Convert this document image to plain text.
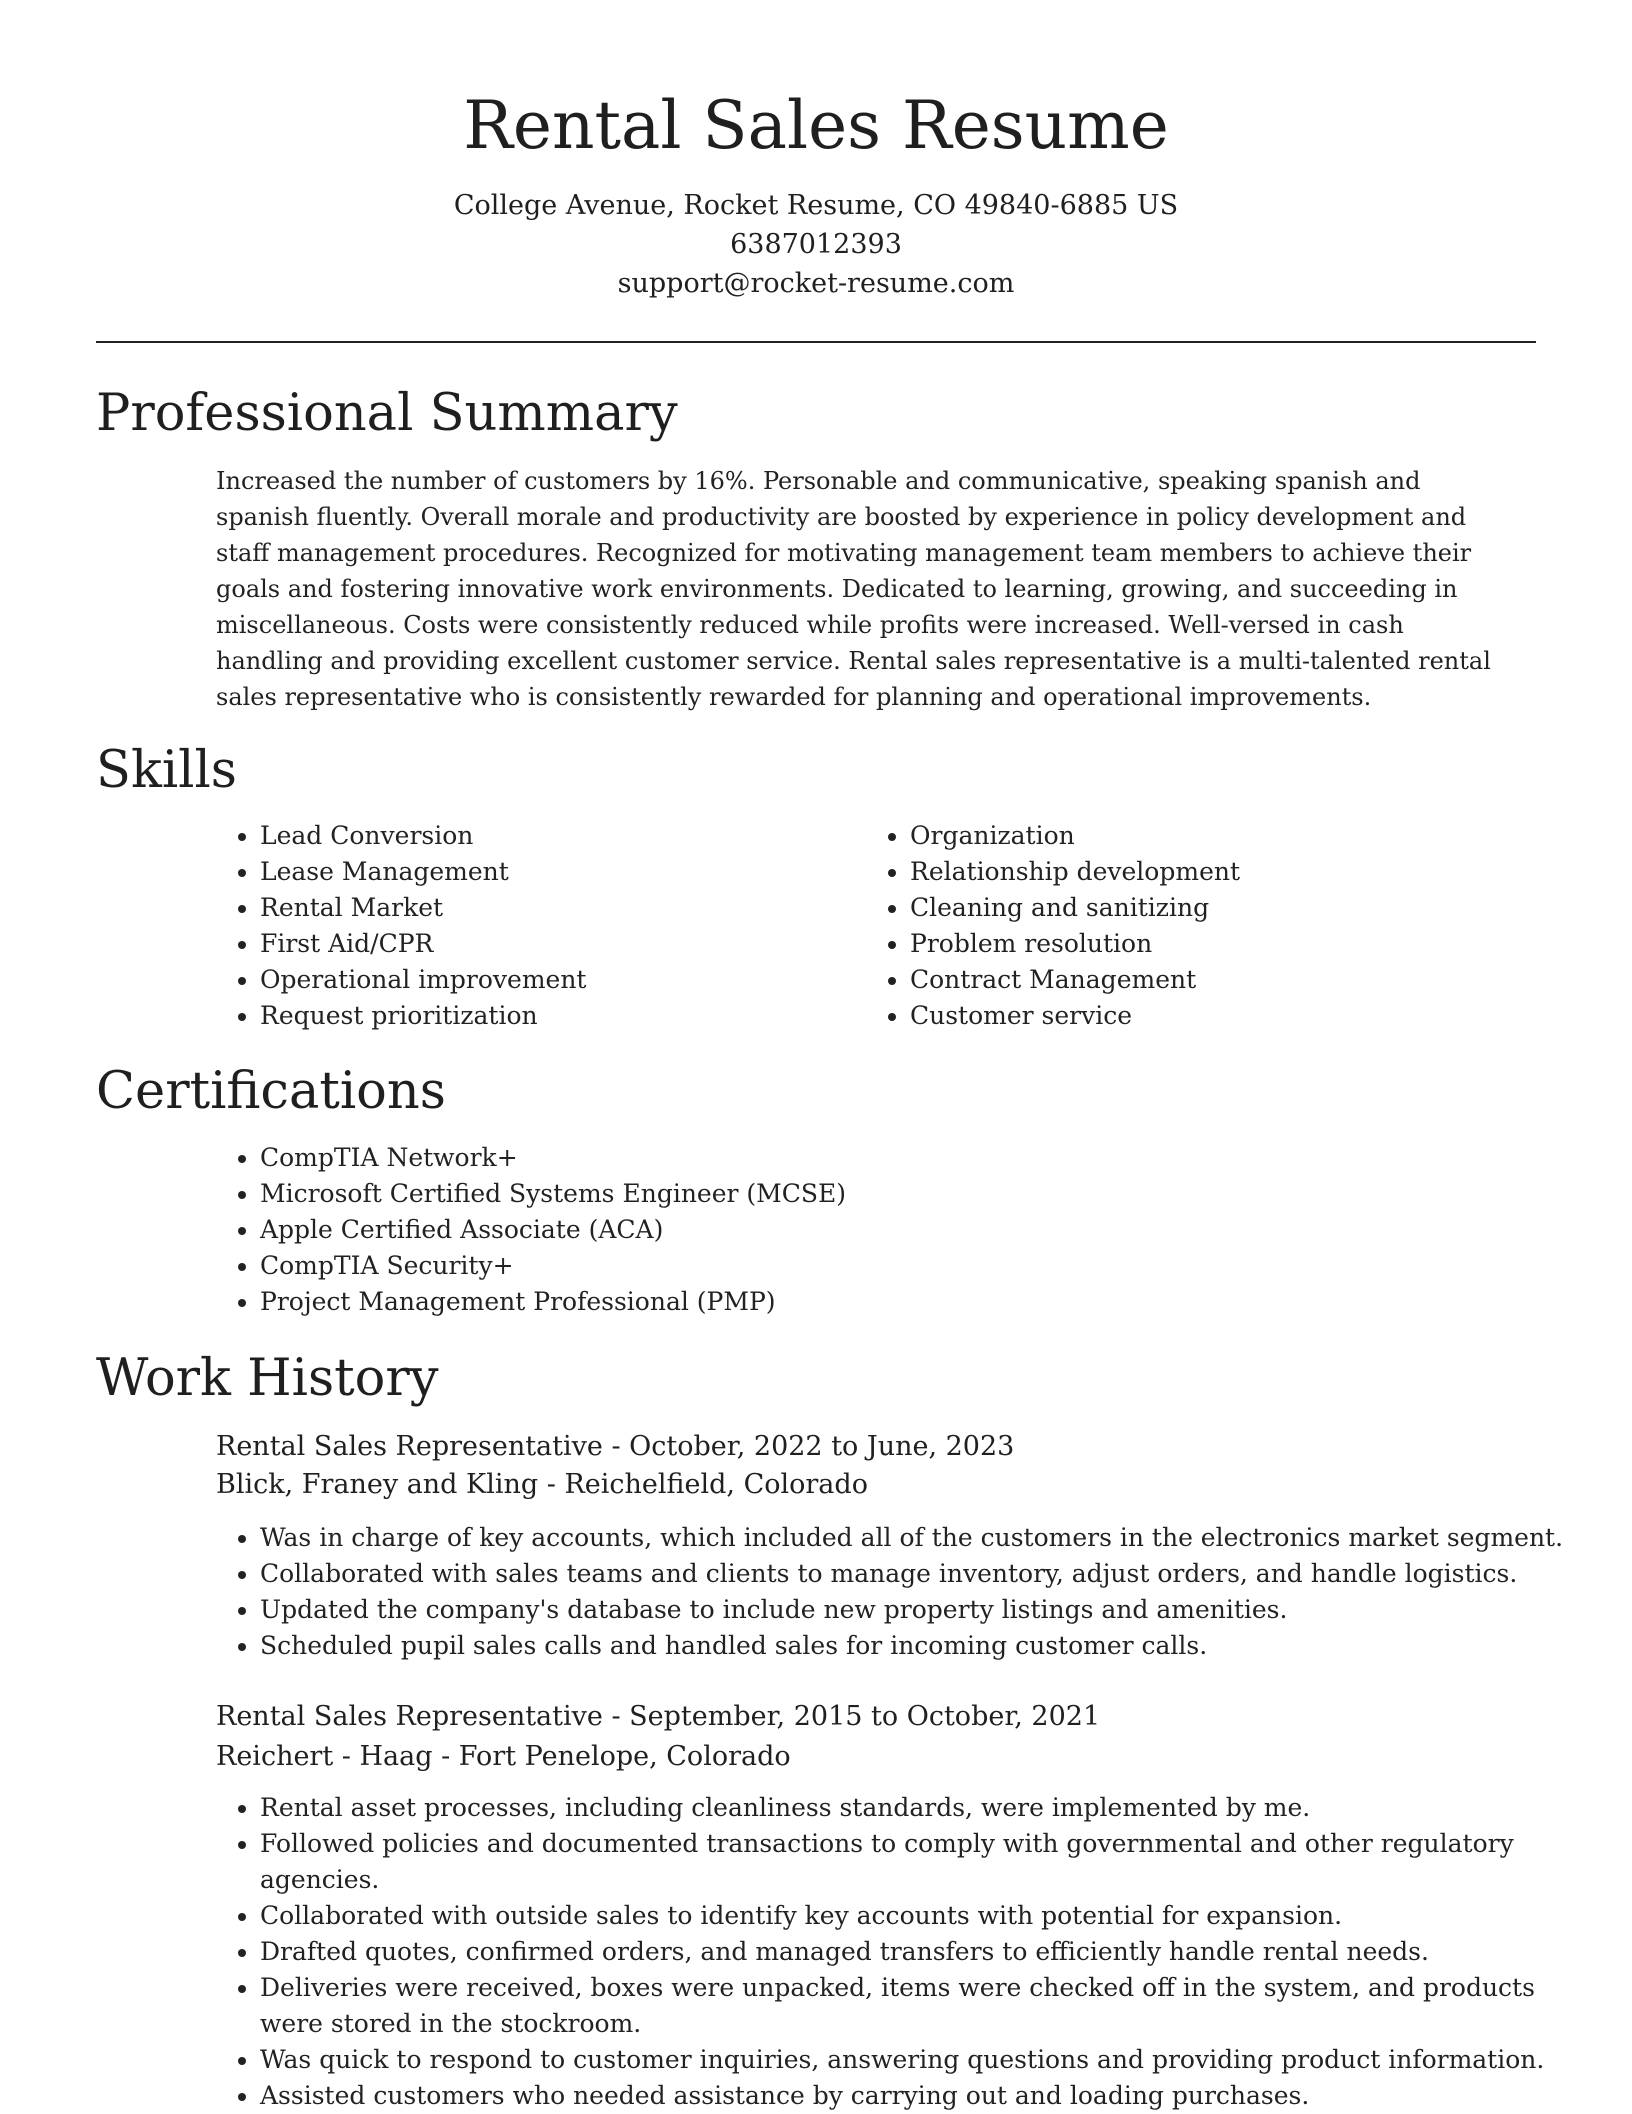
Rental Sales Resume
College Avenue, Rocket Resume, CO 49840-6885 US
6387012393
support@rocket-resume.com
Professional Summary

Increased the number of customers by 16%. Personable and communicative, speaking spanish and spanish fluently. Overall morale and productivity are boosted by experience in policy development and staff management procedures. Recognized for motivating management team members to achieve their goals and fostering innovative work environments. Dedicated to learning, growing, and succeeding in miscellaneous. Costs were consistently reduced while profits were increased. Well-versed in cash handling and providing excellent customer service. Rental sales representative is a multi-talented rental sales representative who is consistently rewarded for planning and operational improvements.

Skills
• Lead Conversion
• Lease Management
• Rental Market
• First Aid/CPR
• Operational improvement
• Request prioritization
• Organization
• Relationship development
• Cleaning and sanitizing
• Problem resolution
• Contract Management
• Customer service
Certifications
• CompTIA Network+
• Microsoft Certified Systems Engineer (MCSE)
• Apple Certified Associate (ACA)
• CompTIA Security+
• Project Management Professional (PMP)
Work History
Rental Sales Representative - October, 2022 to June, 2023
Blick, Franey and Kling - Reichelfield, Colorado
• Was in charge of key accounts, which included all of the customers in the electronics market segment.
• Collaborated with sales teams and clients to manage inventory, adjust orders, and handle logistics.
• Updated the company's database to include new property listings and amenities.
• Scheduled pupil sales calls and handled sales for incoming customer calls.
Rental Sales Representative - September, 2015 to October, 2021
Reichert - Haag - Fort Penelope, Colorado
• Rental asset processes, including cleanliness standards, were implemented by me.
• Followed policies and documented transactions to comply with governmental and other regulatory agencies.
• Collaborated with outside sales to identify key accounts with potential for expansion.
• Drafted quotes, confirmed orders, and managed transfers to efficiently handle rental needs.
• Deliveries were received, boxes were unpacked, items were checked off in the system, and products were stored in the stockroom.
• Was quick to respond to customer inquiries, answering questions and providing product information.
• Assisted customers who needed assistance by carrying out and loading purchases.
